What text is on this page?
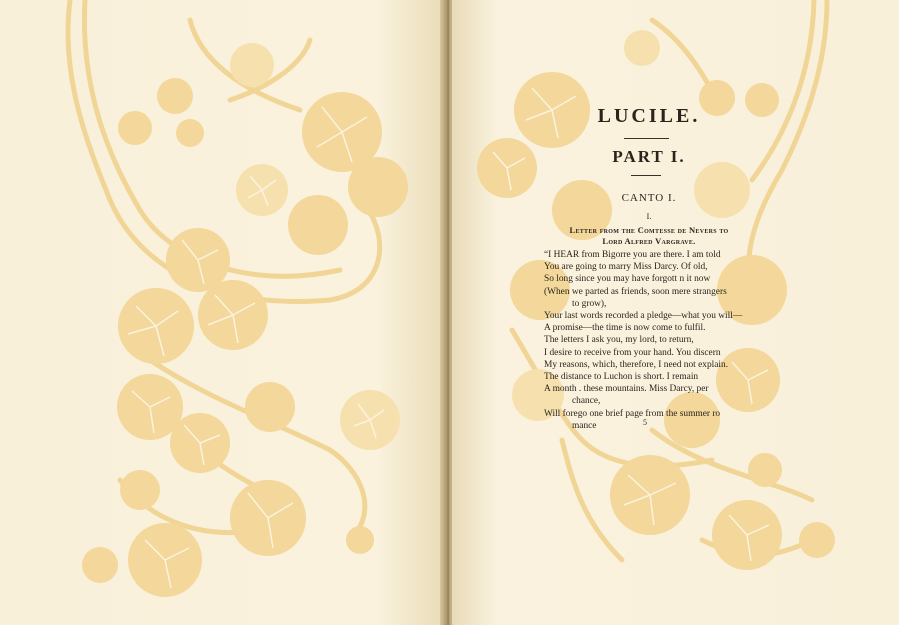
LUCILE.
PART I.
CANTO I.
I.
Letter from the Comtesse de Nevers to
Lord Alfred Vargrave.
“I HEAR from Bigorre you are there. I am told
You are going to marry Miss Darcy. Of old,
So long since you may have forgott n it now
(When we parted as friends, soon mere strangers
to grow),
Your last words recorded a pledge—what you will—
A promise—the time is now come to fulfil.
The letters I ask you, my lord, to return,
I desire to receive from your hand. You discern
My reasons, which, therefore, I need not explain.
The distance to Luchon is short. I remain
A month . these mountains. Miss Darcy, per
chance,
Will forego one brief page from the summer ro
mance	5
